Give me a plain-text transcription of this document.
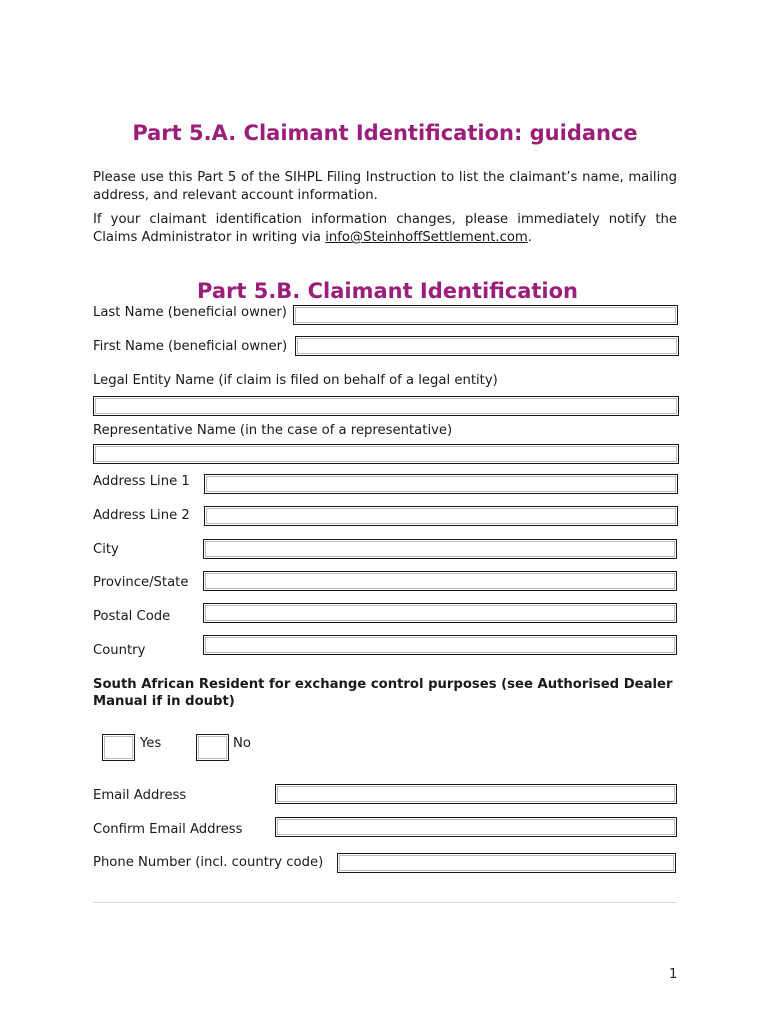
Part 5.A. Claimant Identification: guidance

Please use this Part 5 of the SIHPL Filing Instruction to list the claimant’s name, mailing address, and relevant account information.

If your claimant identification information changes, please immediately notify the Claims Administrator in writing via info@SteinhoffSettlement.com.

Part 5.B. Claimant Identification
Last Name (beneficial owner)
First Name (beneficial owner)
Legal Entity Name (if claim is filed on behalf of a legal entity)
Representative Name (in the case of a representative)
Address Line 1
Address Line 2
City
Province/State
Postal Code
Country
South African Resident for exchange control purposes (see Authorised Dealer Manual if in doubt)
Yes	No
Email Address
Confirm Email Address
Phone Number (incl. country code)
1
